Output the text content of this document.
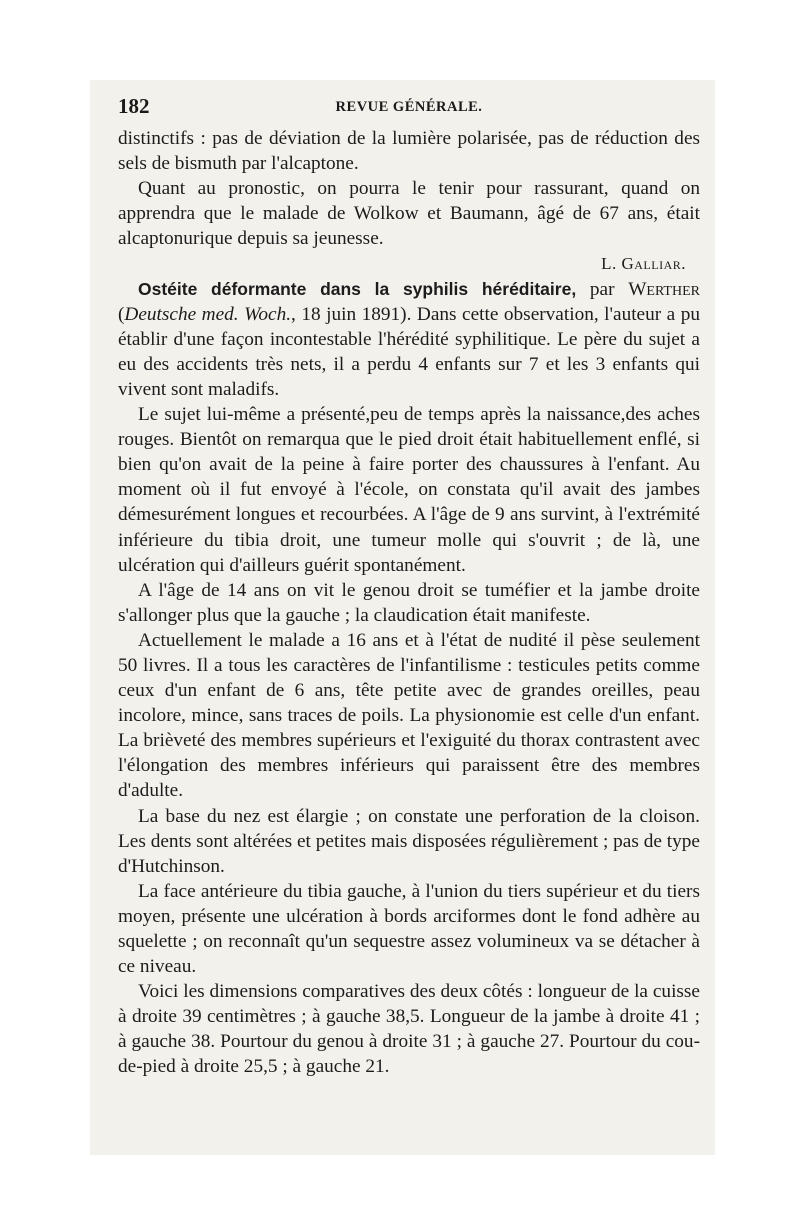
182	REVUE GÉNÉRALE.

distinctifs : pas de déviation de la lumière polarisée, pas de réduction des sels de bismuth par l'alcaptone.

Quant au pronostic, on pourra le tenir pour rassurant, quand on apprendra que le malade de Wolkow et Baumann, âgé de 67 ans, était alcaptonurique depuis sa jeunesse.

L. Galliar.

Ostéite déformante dans la syphilis héréditaire, par Werther (Deutsche med. Woch., 18 juin 1891). Dans cette observation, l'auteur a pu établir d'une façon incontestable l'hérédité syphilitique. Le père du sujet a eu des accidents très nets, il a perdu 4 enfants sur 7 et les 3 enfants qui vivent sont maladifs.

Le sujet lui-même a présenté,peu de temps après la naissance,des aches rouges. Bientôt on remarqua que le pied droit était habituellement enflé, si bien qu'on avait de la peine à faire porter des chaussures à l'enfant. Au moment où il fut envoyé à l'école, on constata qu'il avait des jambes démesurément longues et recourbées. A l'âge de 9 ans survint, à l'extrémité inférieure du tibia droit, une tumeur molle qui s'ouvrit ; de là, une ulcération qui d'ailleurs guérit spontanément.

A l'âge de 14 ans on vit le genou droit se tuméfier et la jambe droite s'allonger plus que la gauche ; la claudication était manifeste.

Actuellement le malade a 16 ans et à l'état de nudité il pèse seulement 50 livres. Il a tous les caractères de l'infantilisme : testicules petits comme ceux d'un enfant de 6 ans, tête petite avec de grandes oreilles, peau incolore, mince, sans traces de poils. La physionomie est celle d'un enfant. La brièveté des membres supérieurs et l'exiguité du thorax contrastent avec l'élongation des membres inférieurs qui paraissent être des membres d'adulte.

La base du nez est élargie ; on constate une perforation de la cloison. Les dents sont altérées et petites mais disposées régulièrement ; pas de type d'Hutchinson.

La face antérieure du tibia gauche, à l'union du tiers supérieur et du tiers moyen, présente une ulcération à bords arciformes dont le fond adhère au squelette ; on reconnaît qu'un sequestre assez volumineux va se détacher à ce niveau.

Voici les dimensions comparatives des deux côtés : longueur de la cuisse à droite 39 centimètres ; à gauche 38,5. Longueur de la jambe à droite 41 ; à gauche 38. Pourtour du genou à droite 31 ; à gauche 27. Pourtour du cou-de-pied à droite 25,5 ; à gauche 21.
